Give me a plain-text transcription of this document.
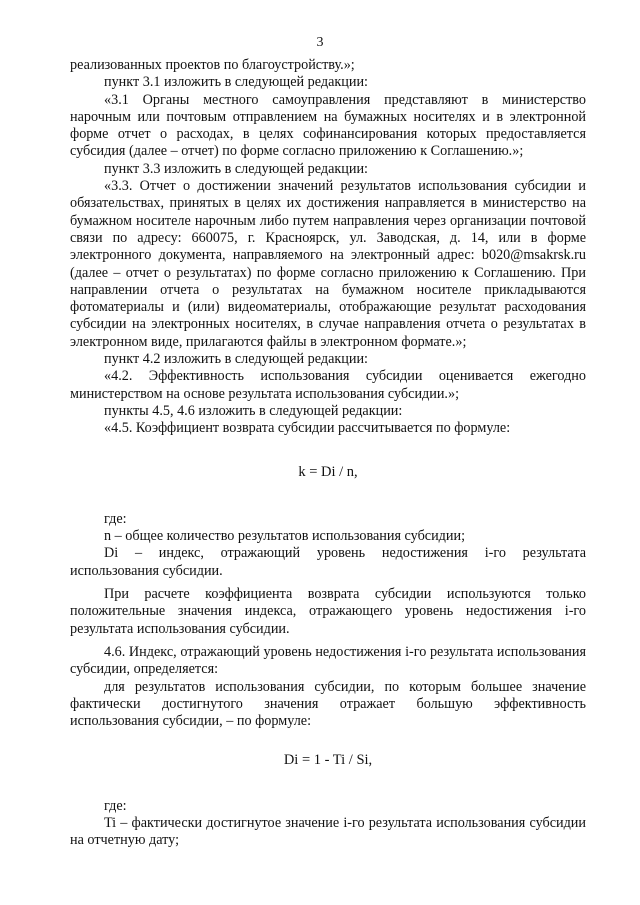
3

реализованных проектов по благоустройству.»;

пункт 3.1 изложить в следующей редакции:

«3.1 Органы местного самоуправления представляют в министерство нарочным или почтовым отправлением на бумажных носителях и в электронной форме отчет о расходах, в целях софинансирования которых предоставляется субсидия (далее – отчет) по форме согласно приложению к Соглашению.»;

пункт 3.3 изложить в следующей редакции:

«3.3. Отчет о достижении значений результатов использования субсидии и обязательствах, принятых в целях их достижения направляется в министерство на бумажном носителе нарочным либо путем направления через организации почтовой связи по адресу: 660075, г. Красноярск, ул. Заводская, д. 14, или в форме электронного документа, направляемого на электронный адрес: b020@msakrsk.ru (далее – отчет о результатах) по форме согласно приложению к Соглашению. При направлении отчета о результатах на бумажном носителе прикладываются фотоматериалы и (или) видеоматериалы, отображающие результат расходования субсидии на электронных носителях, в случае направления отчета о результатах в электронном виде, прилагаются файлы в электронном формате.»;

пункт 4.2 изложить в следующей редакции:

«4.2. Эффективность использования субсидии оценивается ежегодно министерством на основе результата использования субсидии.»;

пункты 4.5, 4.6 изложить в следующей редакции:

«4.5. Коэффициент возврата субсидии рассчитывается по формуле:

k = Di / n,

где:

n – общее количество результатов использования субсидии;

Di – индекс, отражающий уровень недостижения i-го результата использования субсидии.

При расчете коэффициента возврата субсидии используются только положительные значения индекса, отражающего уровень недостижения i-го результата использования субсидии.

4.6. Индекс, отражающий уровень недостижения i-го результата использования субсидии, определяется:

для результатов использования субсидии, по которым большее значение фактически достигнутого значения отражает большую эффективность использования субсидии, – по формуле:

Di = 1 - Ti / Si,

где:

Ti – фактически достигнутое значение i-го результата использования субсидии на отчетную дату;
